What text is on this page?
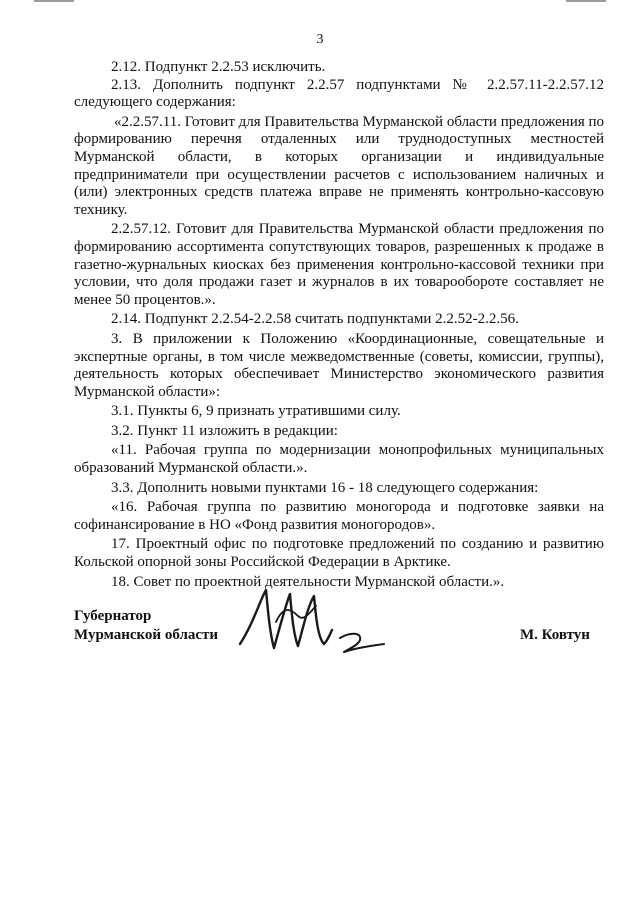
3

2.12. Подпункт 2.2.53 исключить.

2.13. Дополнить подпункт 2.2.57 подпунктами № 2.2.57.11-2.2.57.12 следующего содержания:

«2.2.57.11. Готовит для Правительства Мурманской области предложения по формированию перечня отдаленных или труднодоступных местностей Мурманской области, в которых организации и индивидуальные предприниматели при осуществлении расчетов с использованием наличных и (или) электронных средств платежа вправе не применять контрольно-кассовую технику.

2.2.57.12. Готовит для Правительства Мурманской области предложения по формированию ассортимента сопутствующих товаров, разрешенных к продаже в газетно-журнальных киосках без применения контрольно-кассовой техники при условии, что доля продажи газет и журналов в их товарообороте составляет не менее 50 процентов.».

2.14. Подпункт 2.2.54-2.2.58 считать подпунктами 2.2.52-2.2.56.

3. В приложении к Положению «Координационные, совещательные и экспертные органы, в том числе межведомственные (советы, комиссии, группы), деятельность которых обеспечивает Министерство экономического развития Мурманской области»:

3.1. Пункты 6, 9 признать утратившими силу.

3.2. Пункт 11 изложить в редакции:

«11. Рабочая группа по модернизации монопрофильных муниципальных образований Мурманской области.».

3.3. Дополнить новыми пунктами 16 - 18 следующего содержания:

«16. Рабочая группа по развитию моногорода и подготовке заявки на софинансирование в НО «Фонд развития моногородов».

17. Проектный офис по подготовке предложений по созданию и развитию Кольской опорной зоны Российской Федерации в Арктике.

18. Совет по проектной деятельности Мурманской области.».

Губернатор
Мурманской области	М. Ковтун
